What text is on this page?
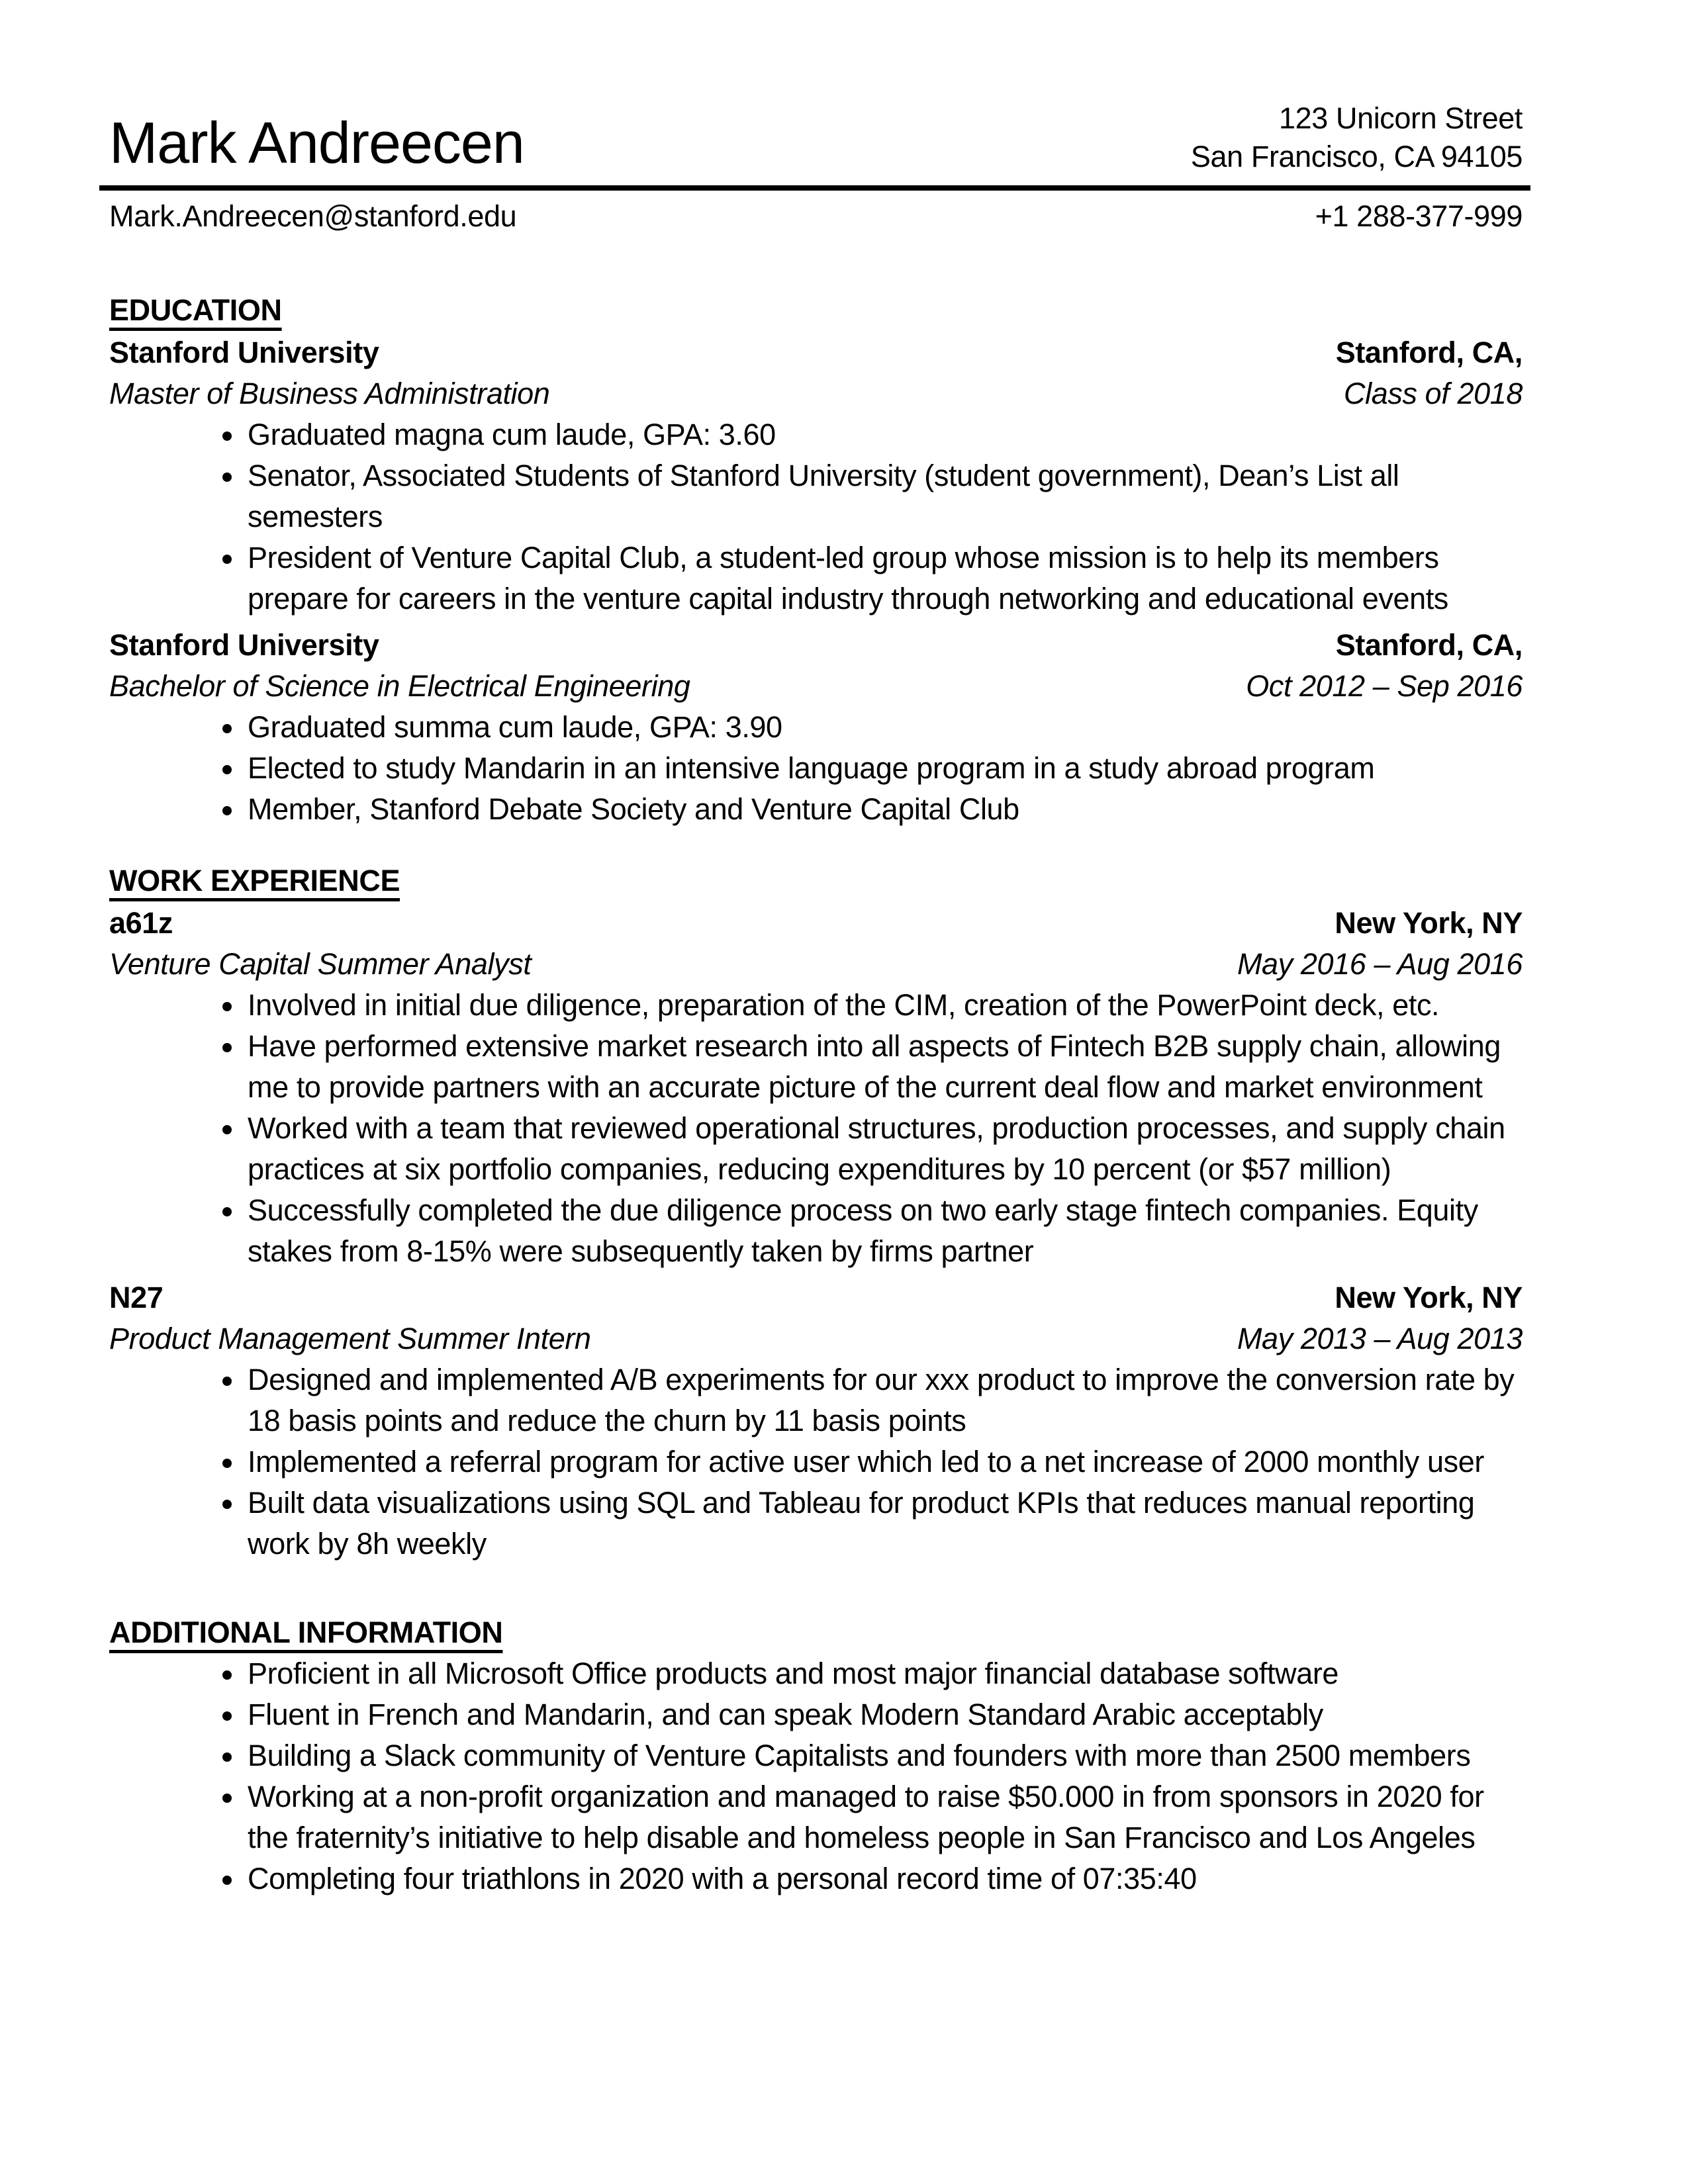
Mark Andreecen	123 Unicorn Street
San Francisco, CA 94105
Mark.Andreecen@stanford.edu	+1 288-377-999
EDUCATION
Stanford University	Stanford, CA,
Master of Business Administration	Class of 2018
• Graduated magna cum laude, GPA: 3.60
• Senator, Associated Students of Stanford University (student government), Dean’s List all semesters
• President of Venture Capital Club, a student-led group whose mission is to help its members prepare for careers in the venture capital industry through networking and educational events
Stanford University	Stanford, CA,
Bachelor of Science in Electrical Engineering	Oct 2012 – Sep 2016
• Graduated summa cum laude, GPA: 3.90
• Elected to study Mandarin in an intensive language program in a study abroad program
• Member, Stanford Debate Society and Venture Capital Club
WORK EXPERIENCE
a61z	New York, NY
Venture Capital Summer Analyst	May 2016 – Aug 2016
• Involved in initial due diligence, preparation of the CIM, creation of the PowerPoint deck, etc.
• Have performed extensive market research into all aspects of Fintech B2B supply chain, allowing me to provide partners with an accurate picture of the current deal flow and market environment
• Worked with a team that reviewed operational structures, production processes, and supply chain practices at six portfolio companies, reducing expenditures by 10 percent (or $57 million)
• Successfully completed the due diligence process on two early stage fintech companies. Equity stakes from 8-15% were subsequently taken by firms partner
N27	New York, NY
Product Management Summer Intern	May 2013 – Aug 2013
• Designed and implemented A/B experiments for our xxx product to improve the conversion rate by 18 basis points and reduce the churn by 11 basis points
• Implemented a referral program for active user which led to a net increase of 2000 monthly user
• Built data visualizations using SQL and Tableau for product KPIs that reduces manual reporting work by 8h weekly
ADDITIONAL INFORMATION
• Proficient in all Microsoft Office products and most major financial database software
• Fluent in French and Mandarin, and can speak Modern Standard Arabic acceptably
• Building a Slack community of Venture Capitalists and founders with more than 2500 members
• Working at a non-profit organization and managed to raise $50.000 in from sponsors in 2020 for the fraternity’s initiative to help disable and homeless people in San Francisco and Los Angeles
• Completing four triathlons in 2020 with a personal record time of 07:35:40
